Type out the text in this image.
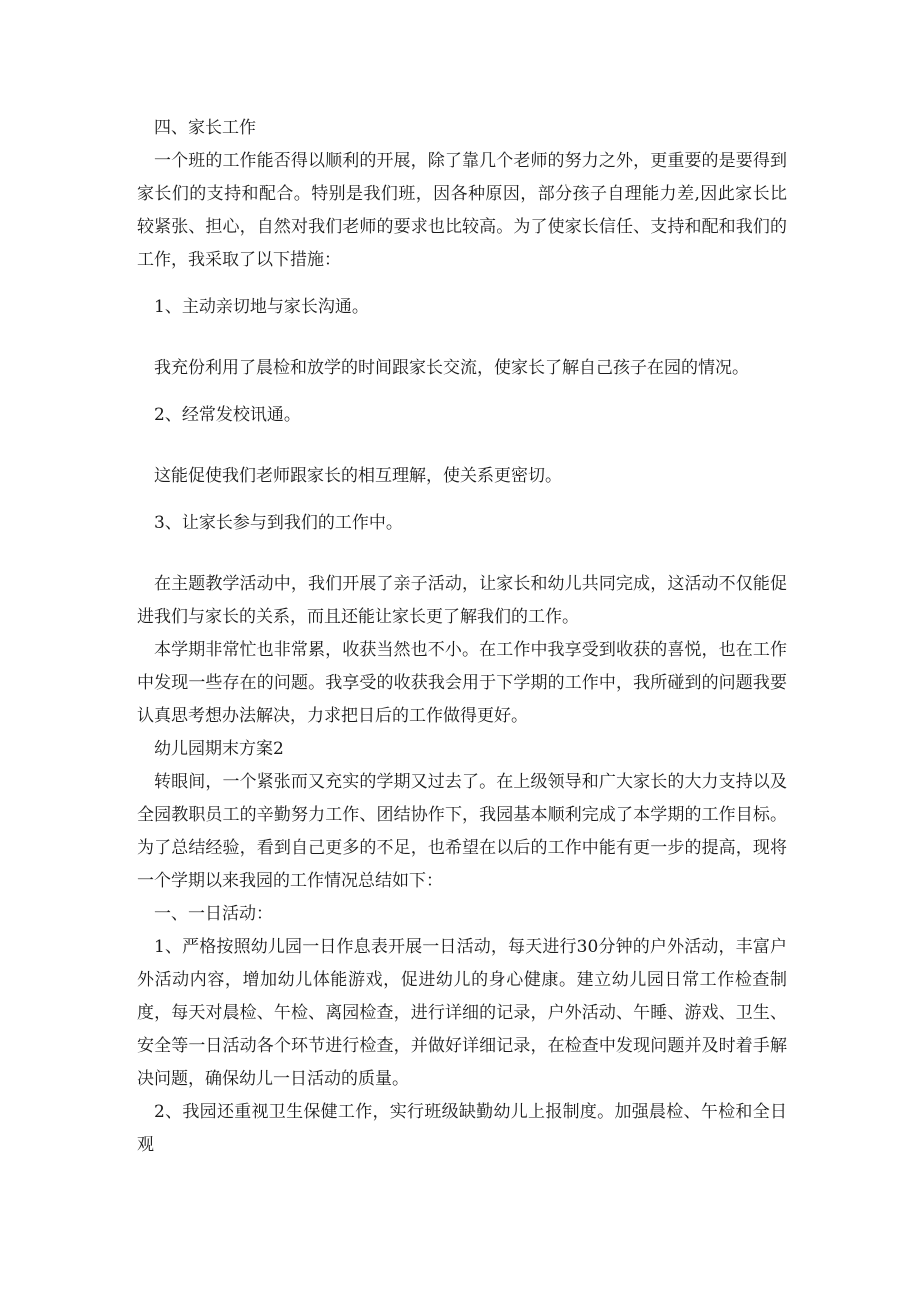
四、家长工作

一个班的工作能否得以顺利的开展，除了靠几个老师的努力之外，更重要的是要得到家长们的支持和配合。特别是我们班，因各种原因，部分孩子自理能力差,因此家长比较紧张、担心，自然对我们老师的要求也比较高。为了使家长信任、支持和配和我们的工作，我采取了以下措施：

1、主动亲切地与家长沟通。

我充份利用了晨检和放学的时间跟家长交流，使家长了解自己孩子在园的情况。

2、经常发校讯通。

这能促使我们老师跟家长的相互理解，使关系更密切。

3、让家长参与到我们的工作中。

在主题教学活动中，我们开展了亲子活动，让家长和幼儿共同完成，这活动不仅能促进我们与家长的关系，而且还能让家长更了解我们的工作。

本学期非常忙也非常累，收获当然也不小。在工作中我享受到收获的喜悦，也在工作中发现一些存在的问题。我享受的收获我会用于下学期的工作中，我所碰到的问题我要认真思考想办法解决，力求把日后的工作做得更好。

幼儿园期末方案2

转眼间，一个紧张而又充实的学期又过去了。在上级领导和广大家长的大力支持以及全园教职员工的辛勤努力工作、团结协作下，我园基本顺利完成了本学期的工作目标。为了总结经验，看到自己更多的不足，也希望在以后的工作中能有更一步的提高，现将一个学期以来我园的工作情况总结如下：

一、一日活动：

1、严格按照幼儿园一日作息表开展一日活动，每天进行30分钟的户外活动，丰富户外活动内容，增加幼儿体能游戏，促进幼儿的身心健康。建立幼儿园日常工作检查制度，每天对晨检、午检、离园检查，进行详细的记录，户外活动、午睡、游戏、卫生、安全等一日活动各个环节进行检查，并做好详细记录，在检查中发现问题并及时着手解决问题，确保幼儿一日活动的质量。

2、我园还重视卫生保健工作，实行班级缺勤幼儿上报制度。加强晨检、午检和全日观
